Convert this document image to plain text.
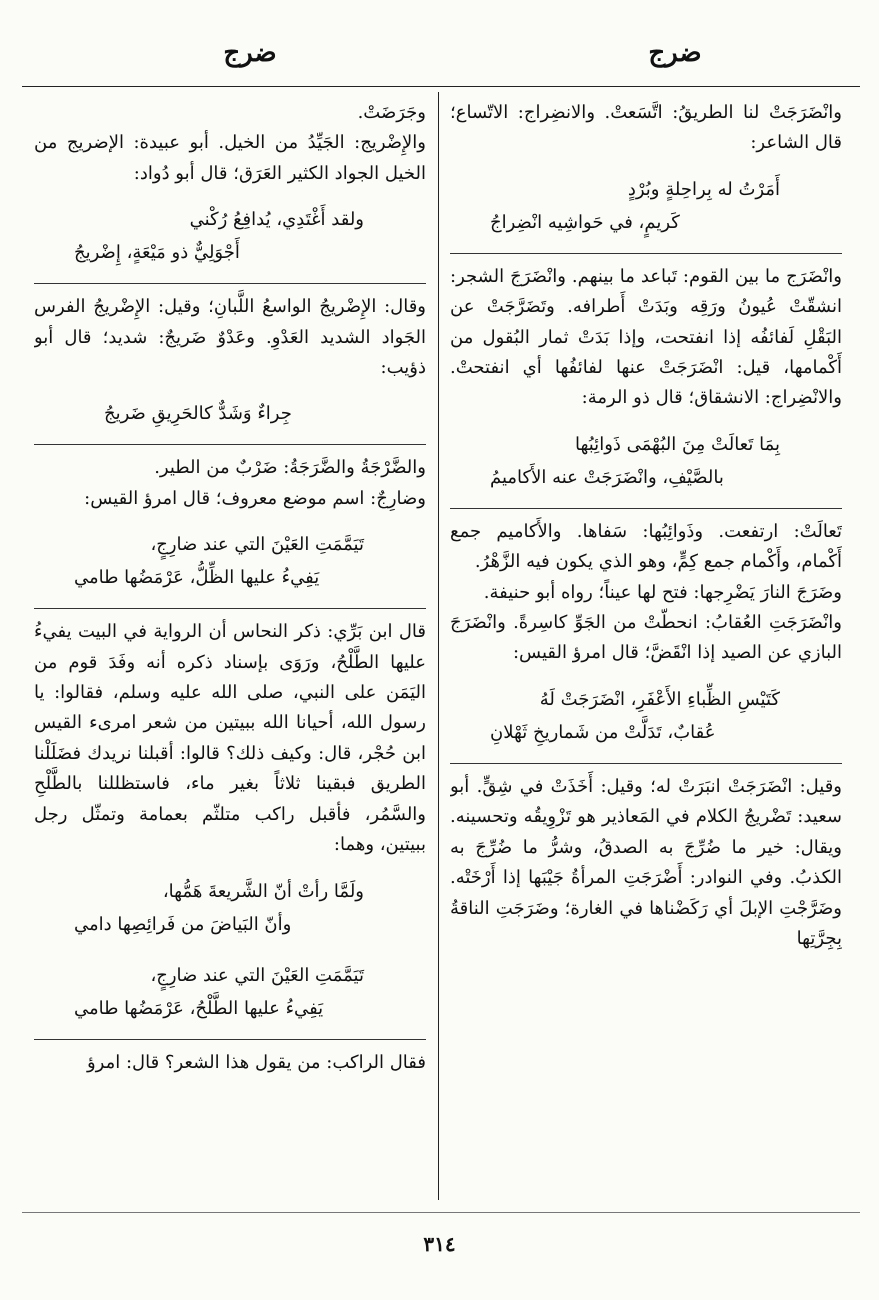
ضرج
ضرج

وانْضَرَجَتْ لنا الطريقُ: اتَّسَعتْ. والانضِراج: الاتّساع؛ قال الشاعر:

أَمَرْتُ له بِراحِلةٍ وبُرْدٍ
كَريمٍ، في حَواشِيه انْضِراجُ

وانْضَرَج ما بين القوم: تَباعد ما بينهم. وانْضَرَجَ الشجر: انشقّتْ عُيونُ ورَقِه وبَدَتْ أَطرافه. وتَضَرَّجَتْ عن البَقْلِ لَفائفُه إذا انفتحت، وإذا بَدَتْ ثمار البُقول من أَكْمامها، قيل: انْضَرَجَتْ عنها لفائفُها أي انفتحتْ. والانْضِراج: الانشقاق؛ قال ذو الرمة:

بِمَا تَعالَتْ مِنَ البُهْمَى ذَوائِبُها
بالصَّيْفِ، وانْضَرَجَتْ عنه الأَكاميمُ

تَعالَتْ: ارتفعت. وذَوائِبُها: سَفاها. والأَكاميم جمع أَكْمام، وأَكْمام جمع كِمٍّ، وهو الذي يكون فيه الزَّهْرُ.

وضَرَجَ النارَ يَضْرِجها: فتح لها عيناً؛ رواه أبو حنيفة.

وانْضَرَجَتِ العُقابُ: انحطّتْ من الجَوِّ كاسِرةً. وانْضَرَجَ البازي عن الصيد إذا انْقَضَّ؛ قال امرؤ القيس:

كَتَيْسِ الظِّباءِ الأَعْفَرِ، انْضَرَجَتْ لَهُ
عُقابٌ، تَدَلَّتْ من شَماريخِ ثَهْلانِ

وقيل: انْضَرَجَتْ انبَرَتْ له؛ وقيل: أَخَذَتْ في شِقٍّ. أبو سعيد: تَضْريجُ الكلام في المَعاذير هو تَزْوِيقُه وتحسينه. ويقال: خير ما ضُرِّجَ به الصدقُ، وشرُّ ما ضُرِّجَ به الكذبُ. وفي النوادر: أَضْرَجَتِ المرأةُ جَيْبَها إذا أَرْخَتْه. وضَرَّجْتِ الإبلَ أي رَكَضْناها في الغارة؛ وضَرَجَتِ الناقةُ بِجِرَّتِها

وجَرَضَتْ.

والإِضْريج: الجَيِّدُ من الخيل. أبو عبيدة: الإضريج من الخيل الجواد الكثير العَرَق؛ قال أبو دُواد:

ولقد أَغْتَدِي، يُدافِعُ رُكْني
أَجْوَلِيٌّ ذو مَيْعَةٍ، إِضْريجُ

وقال: الإِضْريجُ الواسعُ اللَّبانِ؛ وقيل: الإِضْريجُ الفرس الجَواد الشديد العَدْوِ. وعَدْوٌ ضَريجٌ: شديد؛ قال أبو ذؤيب:

جِراءٌ وَشَدٌّ كالحَرِيقِ ضَريجُ

والضَّرْجَةُ والضَّرَجَةُ: ضَرْبٌ من الطير.

وضارِجٌ: اسم موضع معروف؛ قال امرؤ القيس:

تَيَمَّمَتِ العَيْنَ التي عند ضارِجٍ،
يَفِيءُ عليها الظِّلُّ، عَرْمَضُها طامي

قال ابن بَرِّي: ذكر النحاس أن الرواية في البيت يفيءُ عليها الطَّلْحُ، ورَوَى بإسناد ذكره أنه وفَدَ قوم من اليَمَن على النبي، صلى الله عليه وسلم، فقالوا: يا رسول الله، أحيانا الله ببيتين من شعر امرىء القيس ابن حُجْر، قال: وكيف ذلك؟ قالوا: أقبلنا نريدك فضَلَلْنا الطريق فبقينا ثلاثاً بغير ماء، فاستظللنا بالطَّلْحِ والسَّمُر، فأقبل راكب متلثّم بعمامة وتمثّل رجل ببيتين، وهما:

ولَمَّا رأتْ أنّ الشَّريعةَ هَمُّها،
وأنّ البَياضَ من فَرائِصِها دامي
تَيَمَّمَتِ العَيْنَ التي عند ضارِجٍ،
يَفِيءُ عليها الطَّلْحُ، عَرْمَضُها طامي

فقال الراكب: من يقول هذا الشعر؟ قال: امرؤ

٣١٤
